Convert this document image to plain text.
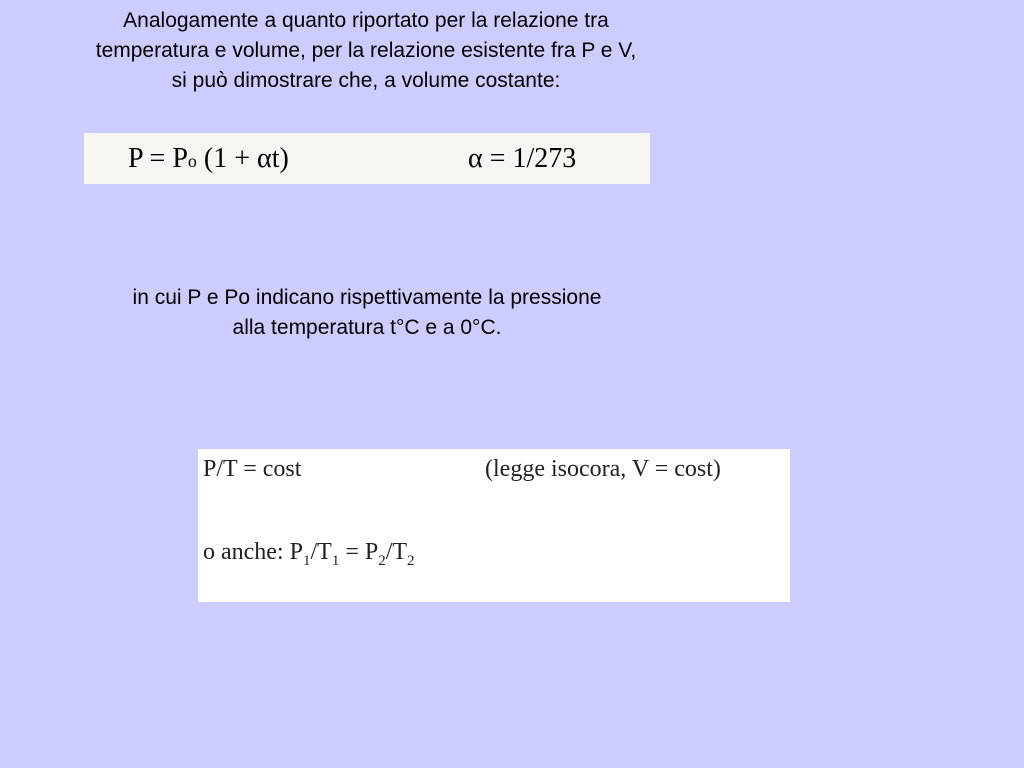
Analogamente a quanto riportato per la relazione tra
temperatura e volume, per la relazione esistente fra P e V,
si può dimostrare che, a volume costante:

P = Po (1 + αt)	α = 1/273

in cui P e Po indicano rispettivamente la pressione
alla temperatura t°C e a 0°C.

P/T = cost	(legge isocora, V = cost)
o anche: $P_1/T_1 = P_2/T_2$
